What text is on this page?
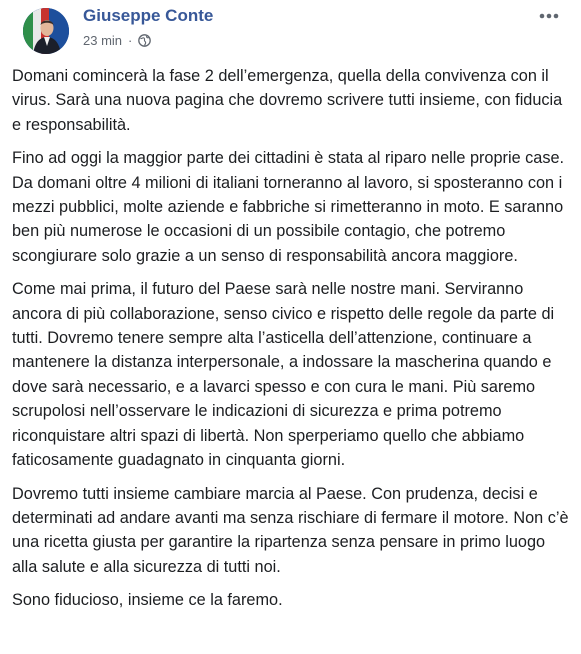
Giuseppe Conte
23 min ·

Domani comincerà la fase 2 dell’emergenza, quella della convivenza con il virus. Sarà una nuova pagina che dovremo scrivere tutti insieme, con fiducia e responsabilità.

Fino ad oggi la maggior parte dei cittadini è stata al riparo nelle proprie case. Da domani oltre 4 milioni di italiani torneranno al lavoro, si sposteranno con i mezzi pubblici, molte aziende e fabbriche si rimetteranno in moto. E saranno ben più numerose le occasioni di un possibile contagio, che potremo scongiurare solo grazie a un senso di responsabilità ancora maggiore.

Come mai prima, il futuro del Paese sarà nelle nostre mani. Serviranno ancora di più collaborazione, senso civico e rispetto delle regole da parte di tutti. Dovremo tenere sempre alta l’asticella dell’attenzione, continuare a mantenere la distanza interpersonale, a indossare la mascherina quando e dove sarà necessario, e a lavarci spesso e con cura le mani. Più saremo scrupolosi nell’osservare le indicazioni di sicurezza e prima potremo riconquistare altri spazi di libertà. Non sperperiamo quello che abbiamo faticosamente guadagnato in cinquanta giorni.

Dovremo tutti insieme cambiare marcia al Paese. Con prudenza, decisi e determinati ad andare avanti ma senza rischiare di fermare il motore. Non c’è una ricetta giusta per garantire la ripartenza senza pensare in primo luogo alla salute e alla sicurezza di tutti noi.

Sono fiducioso, insieme ce la faremo.
